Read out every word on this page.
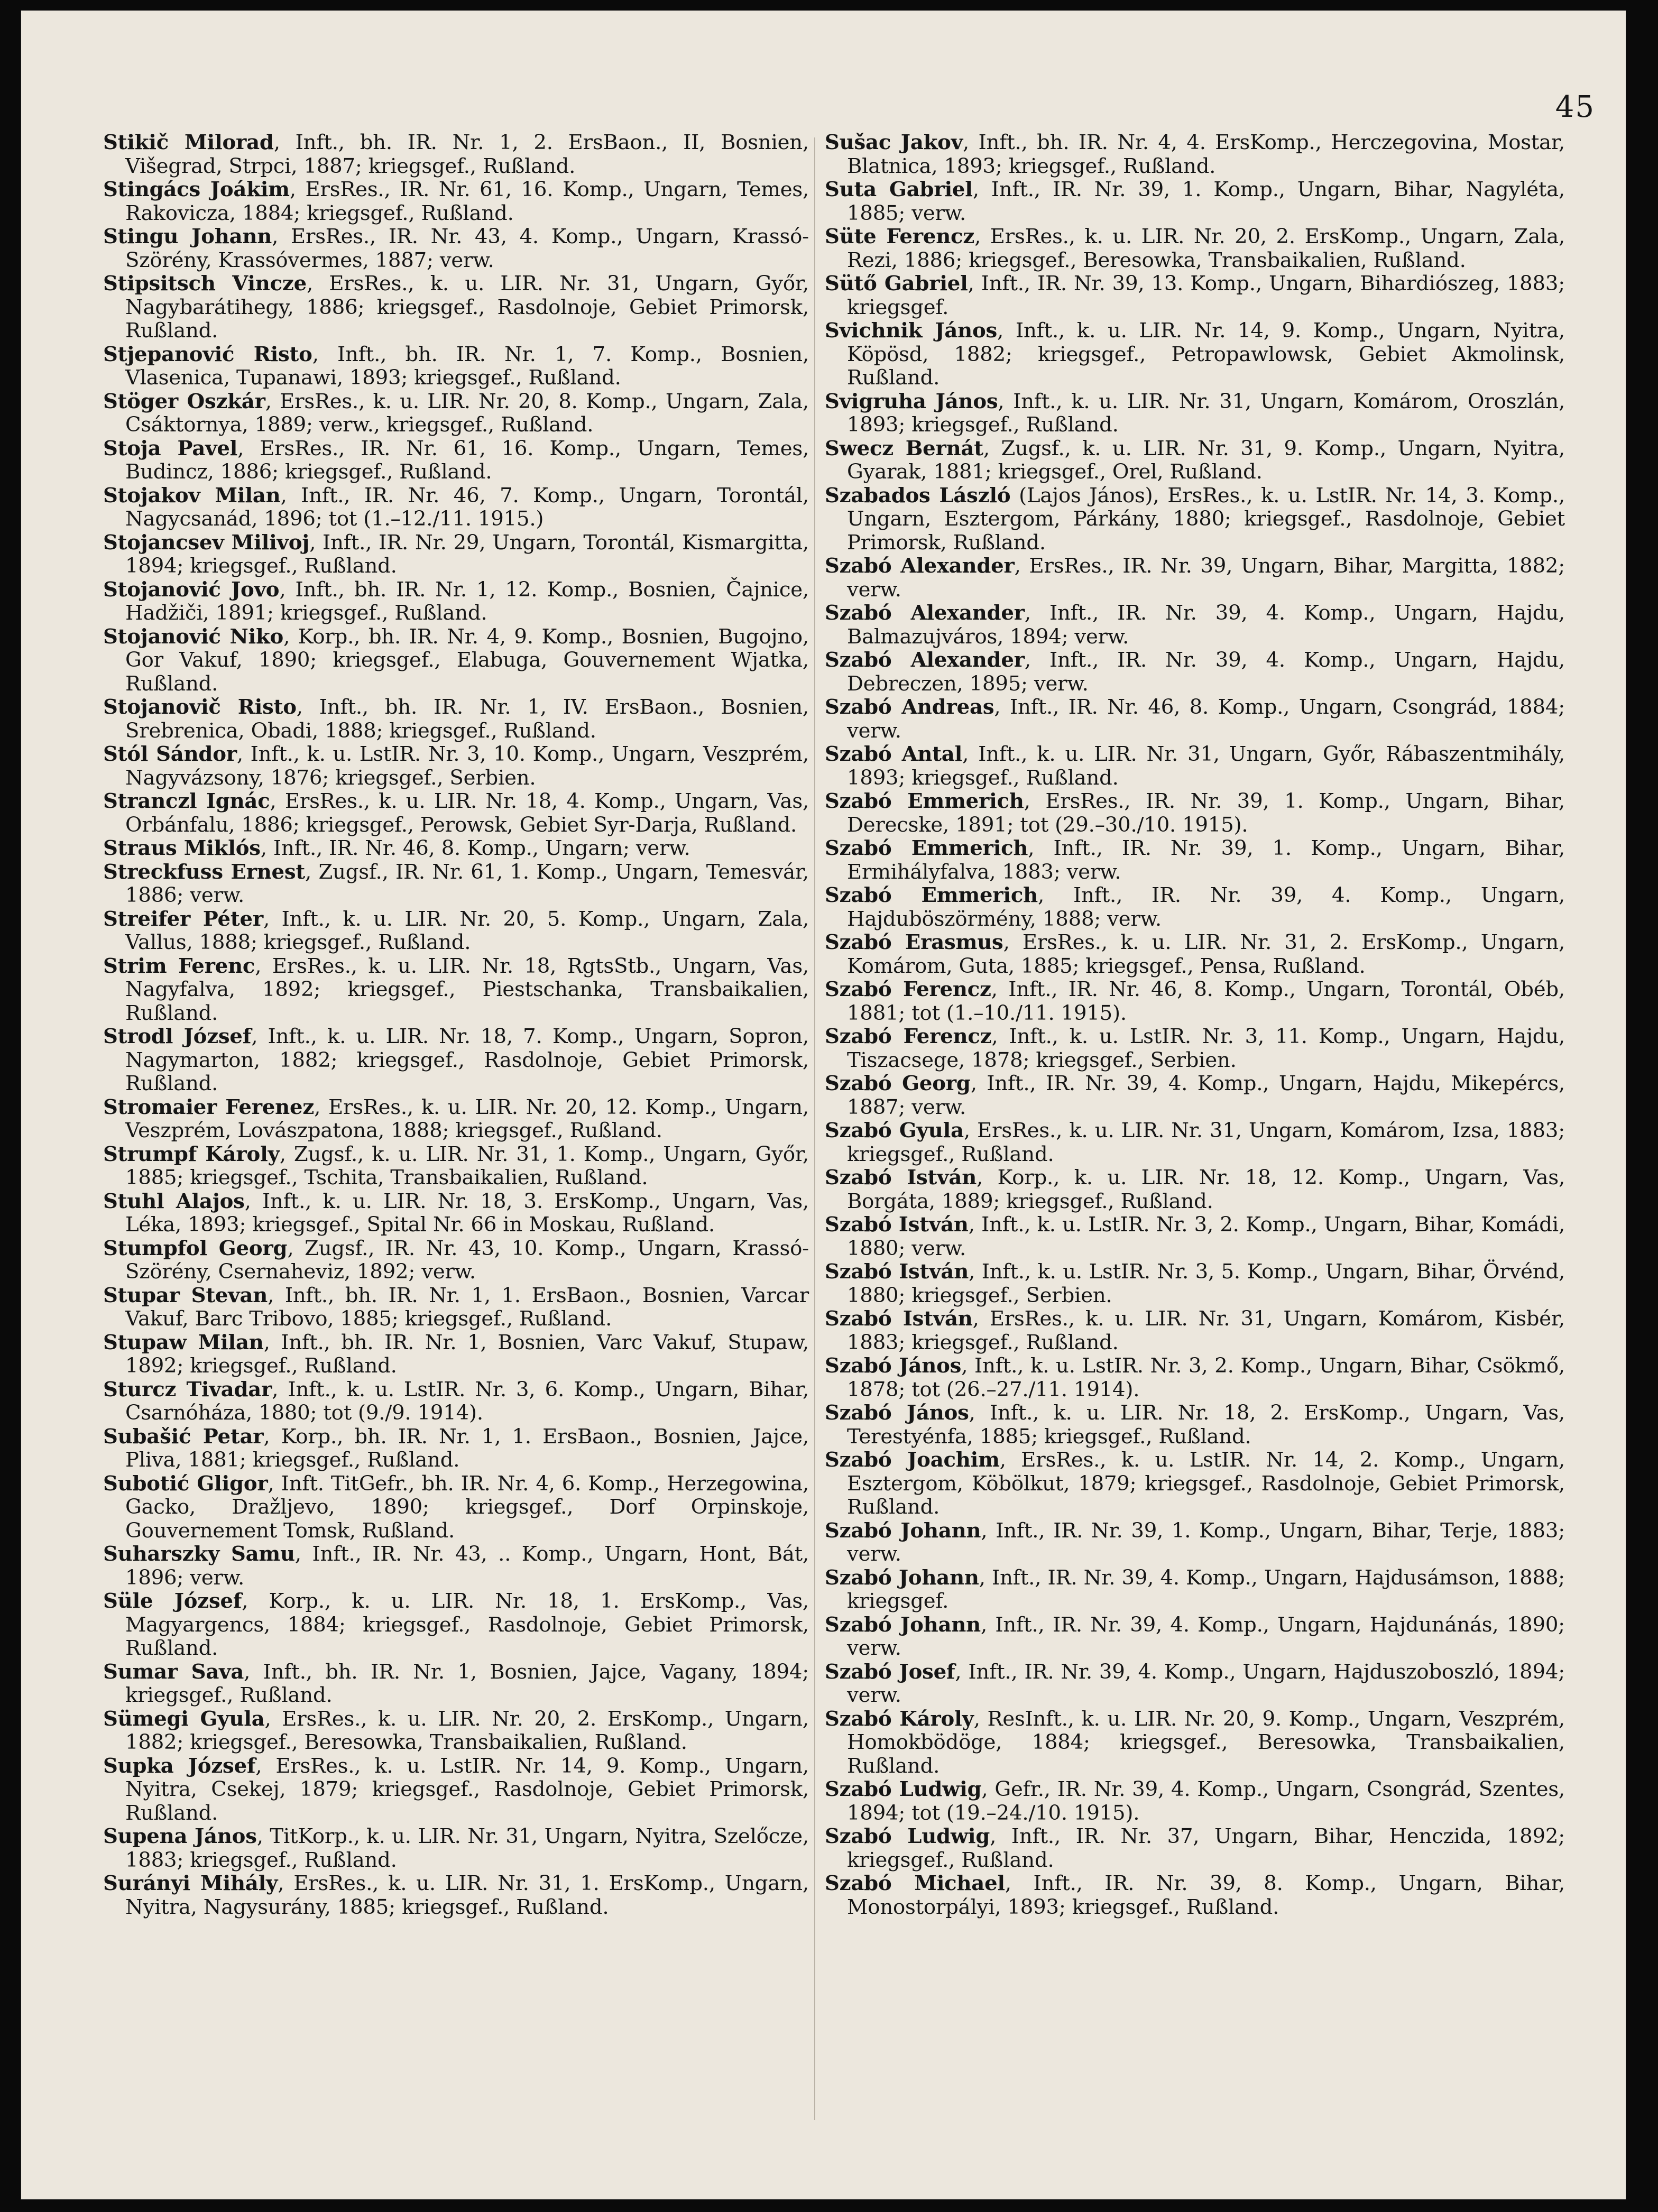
45

Stikič Milorad, Inft., bh. IR. Nr. 1, 2. ErsBaon., II, Bosnien, Višegrad, Strpci, 1887; kriegsgef., Rußland.

Stingács Joákim, ErsRes., IR. Nr. 61, 16. Komp., Ungarn, Temes, Rakovicza, 1884; kriegsgef., Rußland.

Stingu Johann, ErsRes., IR. Nr. 43, 4. Komp., Ungarn, Krassó-Szörény, Krassóvermes, 1887; verw.

Stipsitsch Vincze, ErsRes., k. u. LIR. Nr. 31, Ungarn, Győr, Nagybarátihegy, 1886; kriegsgef., Rasdolnoje, Gebiet Primorsk, Rußland.

Stjepanović Risto, Inft., bh. IR. Nr. 1, 7. Komp., Bosnien, Vlasenica, Tupanawi, 1893; kriegsgef., Rußland.

Stöger Oszkár, ErsRes., k. u. LIR. Nr. 20, 8. Komp., Ungarn, Zala, Csáktornya, 1889; verw., kriegsgef., Rußland.

Stoja Pavel, ErsRes., IR. Nr. 61, 16. Komp., Ungarn, Temes, Budincz, 1886; kriegsgef., Rußland.

Stojakov Milan, Inft., IR. Nr. 46, 7. Komp., Ungarn, Torontál, Nagycsanád, 1896; tot (1.–12./11. 1915.)

Stojancsev Milivoj, Inft., IR. Nr. 29, Ungarn, Torontál, Kismargitta, 1894; kriegsgef., Rußland.

Stojanović Jovo, Inft., bh. IR. Nr. 1, 12. Komp., Bosnien, Čajnice, Hadžiči, 1891; kriegsgef., Rußland.

Stojanović Niko, Korp., bh. IR. Nr. 4, 9. Komp., Bosnien, Bugojno, Gor Vakuf, 1890; kriegsgef., Elabuga, Gouvernement Wjatka, Rußland.

Stojanovič Risto, Inft., bh. IR. Nr. 1, IV. ErsBaon., Bosnien, Srebrenica, Obadi, 1888; kriegsgef., Rußland.

Stól Sándor, Inft., k. u. LstIR. Nr. 3, 10. Komp., Ungarn, Veszprém, Nagyvázsony, 1876; kriegsgef., Serbien.

Stranczl Ignác, ErsRes., k. u. LIR. Nr. 18, 4. Komp., Ungarn, Vas, Orbánfalu, 1886; kriegsgef., Perowsk, Gebiet Syr-Darja, Rußland.

Straus Miklós, Inft., IR. Nr. 46, 8. Komp., Ungarn; verw.

Streckfuss Ernest, Zugsf., IR. Nr. 61, 1. Komp., Ungarn, Temesvár, 1886; verw.

Streifer Péter, Inft., k. u. LIR. Nr. 20, 5. Komp., Ungarn, Zala, Vallus, 1888; kriegsgef., Rußland.

Strim Ferenc, ErsRes., k. u. LIR. Nr. 18, RgtsStb., Ungarn, Vas, Nagyfalva, 1892; kriegsgef., Piestschanka, Transbaikalien, Rußland.

Strodl József, Inft., k. u. LIR. Nr. 18, 7. Komp., Ungarn, Sopron, Nagymarton, 1882; kriegsgef., Rasdolnoje, Gebiet Primorsk, Rußland.

Stromaier Ferenez, ErsRes., k. u. LIR. Nr. 20, 12. Komp., Ungarn, Veszprém, Lovászpatona, 1888; kriegsgef., Rußland.

Strumpf Károly, Zugsf., k. u. LIR. Nr. 31, 1. Komp., Ungarn, Győr, 1885; kriegsgef., Tschita, Transbaikalien, Rußland.

Stuhl Alajos, Inft., k. u. LIR. Nr. 18, 3. ErsKomp., Ungarn, Vas, Léka, 1893; kriegsgef., Spital Nr. 66 in Moskau, Rußland.

Stumpfol Georg, Zugsf., IR. Nr. 43, 10. Komp., Ungarn, Krassó-Szörény, Csernaheviz, 1892; verw.

Stupar Stevan, Inft., bh. IR. Nr. 1, 1. ErsBaon., Bosnien, Varcar Vakuf, Barc Tribovo, 1885; kriegsgef., Rußland.

Stupaw Milan, Inft., bh. IR. Nr. 1, Bosnien, Varc Vakuf, Stupaw, 1892; kriegsgef., Rußland.

Sturcz Tivadar, Inft., k. u. LstIR. Nr. 3, 6. Komp., Ungarn, Bihar, Csarnóháza, 1880; tot (9./9. 1914).

Subašić Petar, Korp., bh. IR. Nr. 1, 1. ErsBaon., Bosnien, Jajce, Pliva, 1881; kriegsgef., Rußland.

Subotić Gligor, Inft. TitGefr., bh. IR. Nr. 4, 6. Komp., Herzegowina, Gacko, Dražljevo, 1890; kriegsgef., Dorf Orpinskoje, Gouvernement Tomsk, Rußland.

Suharszky Samu, Inft., IR. Nr. 43, .. Komp., Ungarn, Hont, Bát, 1896; verw.

Süle József, Korp., k. u. LIR. Nr. 18, 1. ErsKomp., Vas, Magyargencs, 1884; kriegsgef., Rasdolnoje, Gebiet Primorsk, Rußland.

Sumar Sava, Inft., bh. IR. Nr. 1, Bosnien, Jajce, Vagany, 1894; kriegsgef., Rußland.

Sümegi Gyula, ErsRes., k. u. LIR. Nr. 20, 2. ErsKomp., Ungarn, 1882; kriegsgef., Beresowka, Transbaikalien, Rußland.

Supka József, ErsRes., k. u. LstIR. Nr. 14, 9. Komp., Ungarn, Nyitra, Csekej, 1879; kriegsgef., Rasdolnoje, Gebiet Primorsk, Rußland.

Supena János, TitKorp., k. u. LIR. Nr. 31, Ungarn, Nyitra, Szelőcze, 1883; kriegsgef., Rußland.

Surányi Mihály, ErsRes., k. u. LIR. Nr. 31, 1. ErsKomp., Ungarn, Nyitra, Nagysurány, 1885; kriegsgef., Rußland.

Sušac Jakov, Inft., bh. IR. Nr. 4, 4. ErsKomp., Herczegovina, Mostar, Blatnica, 1893; kriegsgef., Rußland.

Suta Gabriel, Inft., IR. Nr. 39, 1. Komp., Ungarn, Bihar, Nagyléta, 1885; verw.

Süte Ferencz, ErsRes., k. u. LIR. Nr. 20, 2. ErsKomp., Ungarn, Zala, Rezi, 1886; kriegsgef., Beresowka, Transbaikalien, Rußland.

Sütő Gabriel, Inft., IR. Nr. 39, 13. Komp., Ungarn, Bihardiószeg, 1883; kriegsgef.

Svichnik János, Inft., k. u. LIR. Nr. 14, 9. Komp., Ungarn, Nyitra, Köpösd, 1882; kriegsgef., Petropawlowsk, Gebiet Akmolinsk, Rußland.

Svigruha János, Inft., k. u. LIR. Nr. 31, Ungarn, Komárom, Oroszlán, 1893; kriegsgef., Rußland.

Swecz Bernát, Zugsf., k. u. LIR. Nr. 31, 9. Komp., Ungarn, Nyitra, Gyarak, 1881; kriegsgef., Orel, Rußland.

Szabados László (Lajos János), ErsRes., k. u. LstIR. Nr. 14, 3. Komp., Ungarn, Esztergom, Párkány, 1880; kriegsgef., Rasdolnoje, Gebiet Primorsk, Rußland.

Szabó Alexander, ErsRes., IR. Nr. 39, Ungarn, Bihar, Margitta, 1882; verw.

Szabó Alexander, Inft., IR. Nr. 39, 4. Komp., Ungarn, Hajdu, Balmazujváros, 1894; verw.

Szabó Alexander, Inft., IR. Nr. 39, 4. Komp., Ungarn, Hajdu, Debreczen, 1895; verw.

Szabó Andreas, Inft., IR. Nr. 46, 8. Komp., Ungarn, Csongrád, 1884; verw.

Szabó Antal, Inft., k. u. LIR. Nr. 31, Ungarn, Győr, Rábaszentmihály, 1893; kriegsgef., Rußland.

Szabó Emmerich, ErsRes., IR. Nr. 39, 1. Komp., Ungarn, Bihar, Derecske, 1891; tot (29.–30./10. 1915).

Szabó Emmerich, Inft., IR. Nr. 39, 1. Komp., Ungarn, Bihar, Ermihályfalva, 1883; verw.

Szabó Emmerich, Inft., IR. Nr. 39, 4. Komp., Ungarn, Hajduböszörmény, 1888; verw.

Szabó Erasmus, ErsRes., k. u. LIR. Nr. 31, 2. ErsKomp., Ungarn, Komárom, Guta, 1885; kriegsgef., Pensa, Rußland.

Szabó Ferencz, Inft., IR. Nr. 46, 8. Komp., Ungarn, Torontál, Obéb, 1881; tot (1.–10./11. 1915).

Szabó Ferencz, Inft., k. u. LstIR. Nr. 3, 11. Komp., Ungarn, Hajdu, Tiszacsege, 1878; kriegsgef., Serbien.

Szabó Georg, Inft., IR. Nr. 39, 4. Komp., Ungarn, Hajdu, Mikepércs, 1887; verw.

Szabó Gyula, ErsRes., k. u. LIR. Nr. 31, Ungarn, Komárom, Izsa, 1883; kriegsgef., Rußland.

Szabó István, Korp., k. u. LIR. Nr. 18, 12. Komp., Ungarn, Vas, Borgáta, 1889; kriegsgef., Rußland.

Szabó István, Inft., k. u. LstIR. Nr. 3, 2. Komp., Ungarn, Bihar, Komádi, 1880; verw.

Szabó István, Inft., k. u. LstIR. Nr. 3, 5. Komp., Ungarn, Bihar, Örvénd, 1880; kriegsgef., Serbien.

Szabó István, ErsRes., k. u. LIR. Nr. 31, Ungarn, Komárom, Kisbér, 1883; kriegsgef., Rußland.

Szabó János, Inft., k. u. LstIR. Nr. 3, 2. Komp., Ungarn, Bihar, Csökmő, 1878; tot (26.–27./11. 1914).

Szabó János, Inft., k. u. LIR. Nr. 18, 2. ErsKomp., Ungarn, Vas, Terestyénfa, 1885; kriegsgef., Rußland.

Szabó Joachim, ErsRes., k. u. LstIR. Nr. 14, 2. Komp., Ungarn, Esztergom, Köbölkut, 1879; kriegsgef., Rasdolnoje, Gebiet Primorsk, Rußland.

Szabó Johann, Inft., IR. Nr. 39, 1. Komp., Ungarn, Bihar, Terje, 1883; verw.

Szabó Johann, Inft., IR. Nr. 39, 4. Komp., Ungarn, Hajdusámson, 1888; kriegsgef.

Szabó Johann, Inft., IR. Nr. 39, 4. Komp., Ungarn, Hajdunánás, 1890; verw.

Szabó Josef, Inft., IR. Nr. 39, 4. Komp., Ungarn, Hajduszoboszló, 1894; verw.

Szabó Károly, ResInft., k. u. LIR. Nr. 20, 9. Komp., Ungarn, Veszprém, Homokbödöge, 1884; kriegsgef., Beresowka, Transbaikalien, Rußland.

Szabó Ludwig, Gefr., IR. Nr. 39, 4. Komp., Ungarn, Csongrád, Szentes, 1894; tot (19.–24./10. 1915).

Szabó Ludwig, Inft., IR. Nr. 37, Ungarn, Bihar, Henczida, 1892; kriegsgef., Rußland.

Szabó Michael, Inft., IR. Nr. 39, 8. Komp., Ungarn, Bihar, Monostorpályi, 1893; kriegsgef., Rußland.
